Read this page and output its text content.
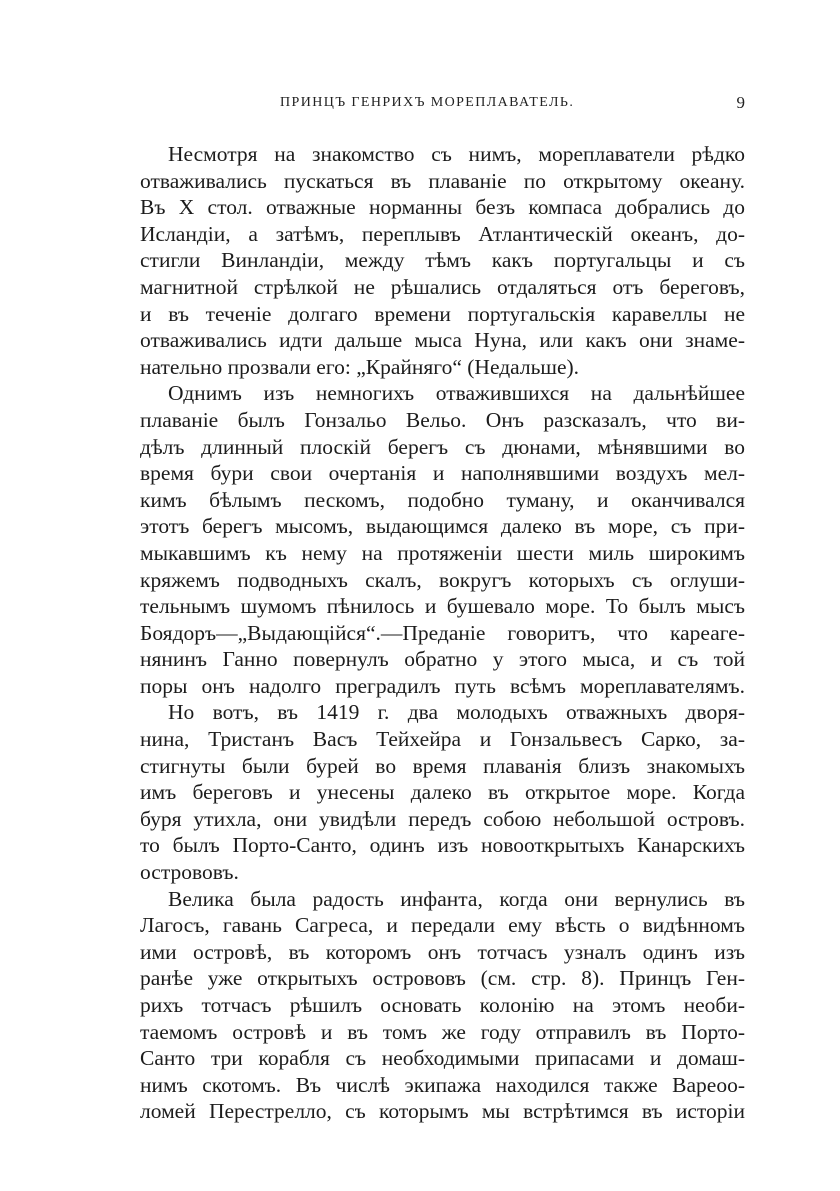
ПРИНЦЪ ГЕНРИХЪ МОРЕПЛАВАТЕЛЬ.	9
Несмотря на знакомство съ нимъ, мореплаватели рѣдко
отваживались пускаться въ плаваніе по открытому океану.
Въ X стол. отважные норманны безъ компаса добрались до
Исландіи, а затѣмъ, переплывъ Атлантическій океанъ, до-
стигли Винландіи, между тѣмъ какъ португальцы и съ
магнитной стрѣлкой не рѣшались отдаляться отъ береговъ,
и въ теченіе долгаго времени португальскія каравеллы не
отваживались идти дальше мыса Нуна, или какъ они знаме-
нательно прозвали его: „Крайняго“ (Недальше).
Однимъ изъ немногихъ отважившихся на дальнѣйшее
плаваніе былъ Гонзальо Вельо. Онъ разсказалъ, что ви-
дѣлъ длинный плоскій берегъ съ дюнами, мѣнявшими во
время бури свои очертанія и наполнявшими воздухъ мел-
кимъ бѣлымъ пескомъ, подобно туману, и оканчивался
этотъ берегъ мысомъ, выдающимся далеко въ море, съ при-
мыкавшимъ къ нему на протяженіи шести миль широкимъ
кряжемъ подводныхъ скалъ, вокругъ которыхъ съ оглуши-
тельнымъ шумомъ пѣнилось и бушевало море. То былъ мысъ
Боядоръ—„Выдающійся“.—Преданіе говоритъ, что кареаге-
нянинъ Ганно повернулъ обратно у этого мыса, и съ той
поры онъ надолго преградилъ путь всѣмъ мореплавателямъ.
Но вотъ, въ 1419 г. два молодыхъ отважныхъ дворя-
нина, Тристанъ Васъ Тейхейра и Гонзальвесъ Сарко, за-
стигнуты были бурей во время плаванія близъ знакомыхъ
имъ береговъ и унесены далеко въ открытое море. Когда
буря утихла, они увидѣли передъ собою небольшой островъ.
то былъ Порто-Санто, одинъ изъ новооткрытыхъ Канарскихъ
острововъ.
Велика была радость инфанта, когда они вернулись въ
Лагосъ, гавань Сагреса, и передали ему вѣсть о видѣнномъ
ими островѣ, въ которомъ онъ тотчасъ узналъ одинъ изъ
ранѣе уже открытыхъ острововъ (см. стр. 8). Принцъ Ген-
рихъ тотчасъ рѣшилъ основать колонію на этомъ необи-
таемомъ островѣ и въ томъ же году отправилъ въ Порто-
Санто три корабля съ необходимыми припасами и домаш-
нимъ скотомъ. Въ числѣ экипажа находился также Вареоо-
ломей Перестрелло, съ которымъ мы встрѣтимся въ исторіи
